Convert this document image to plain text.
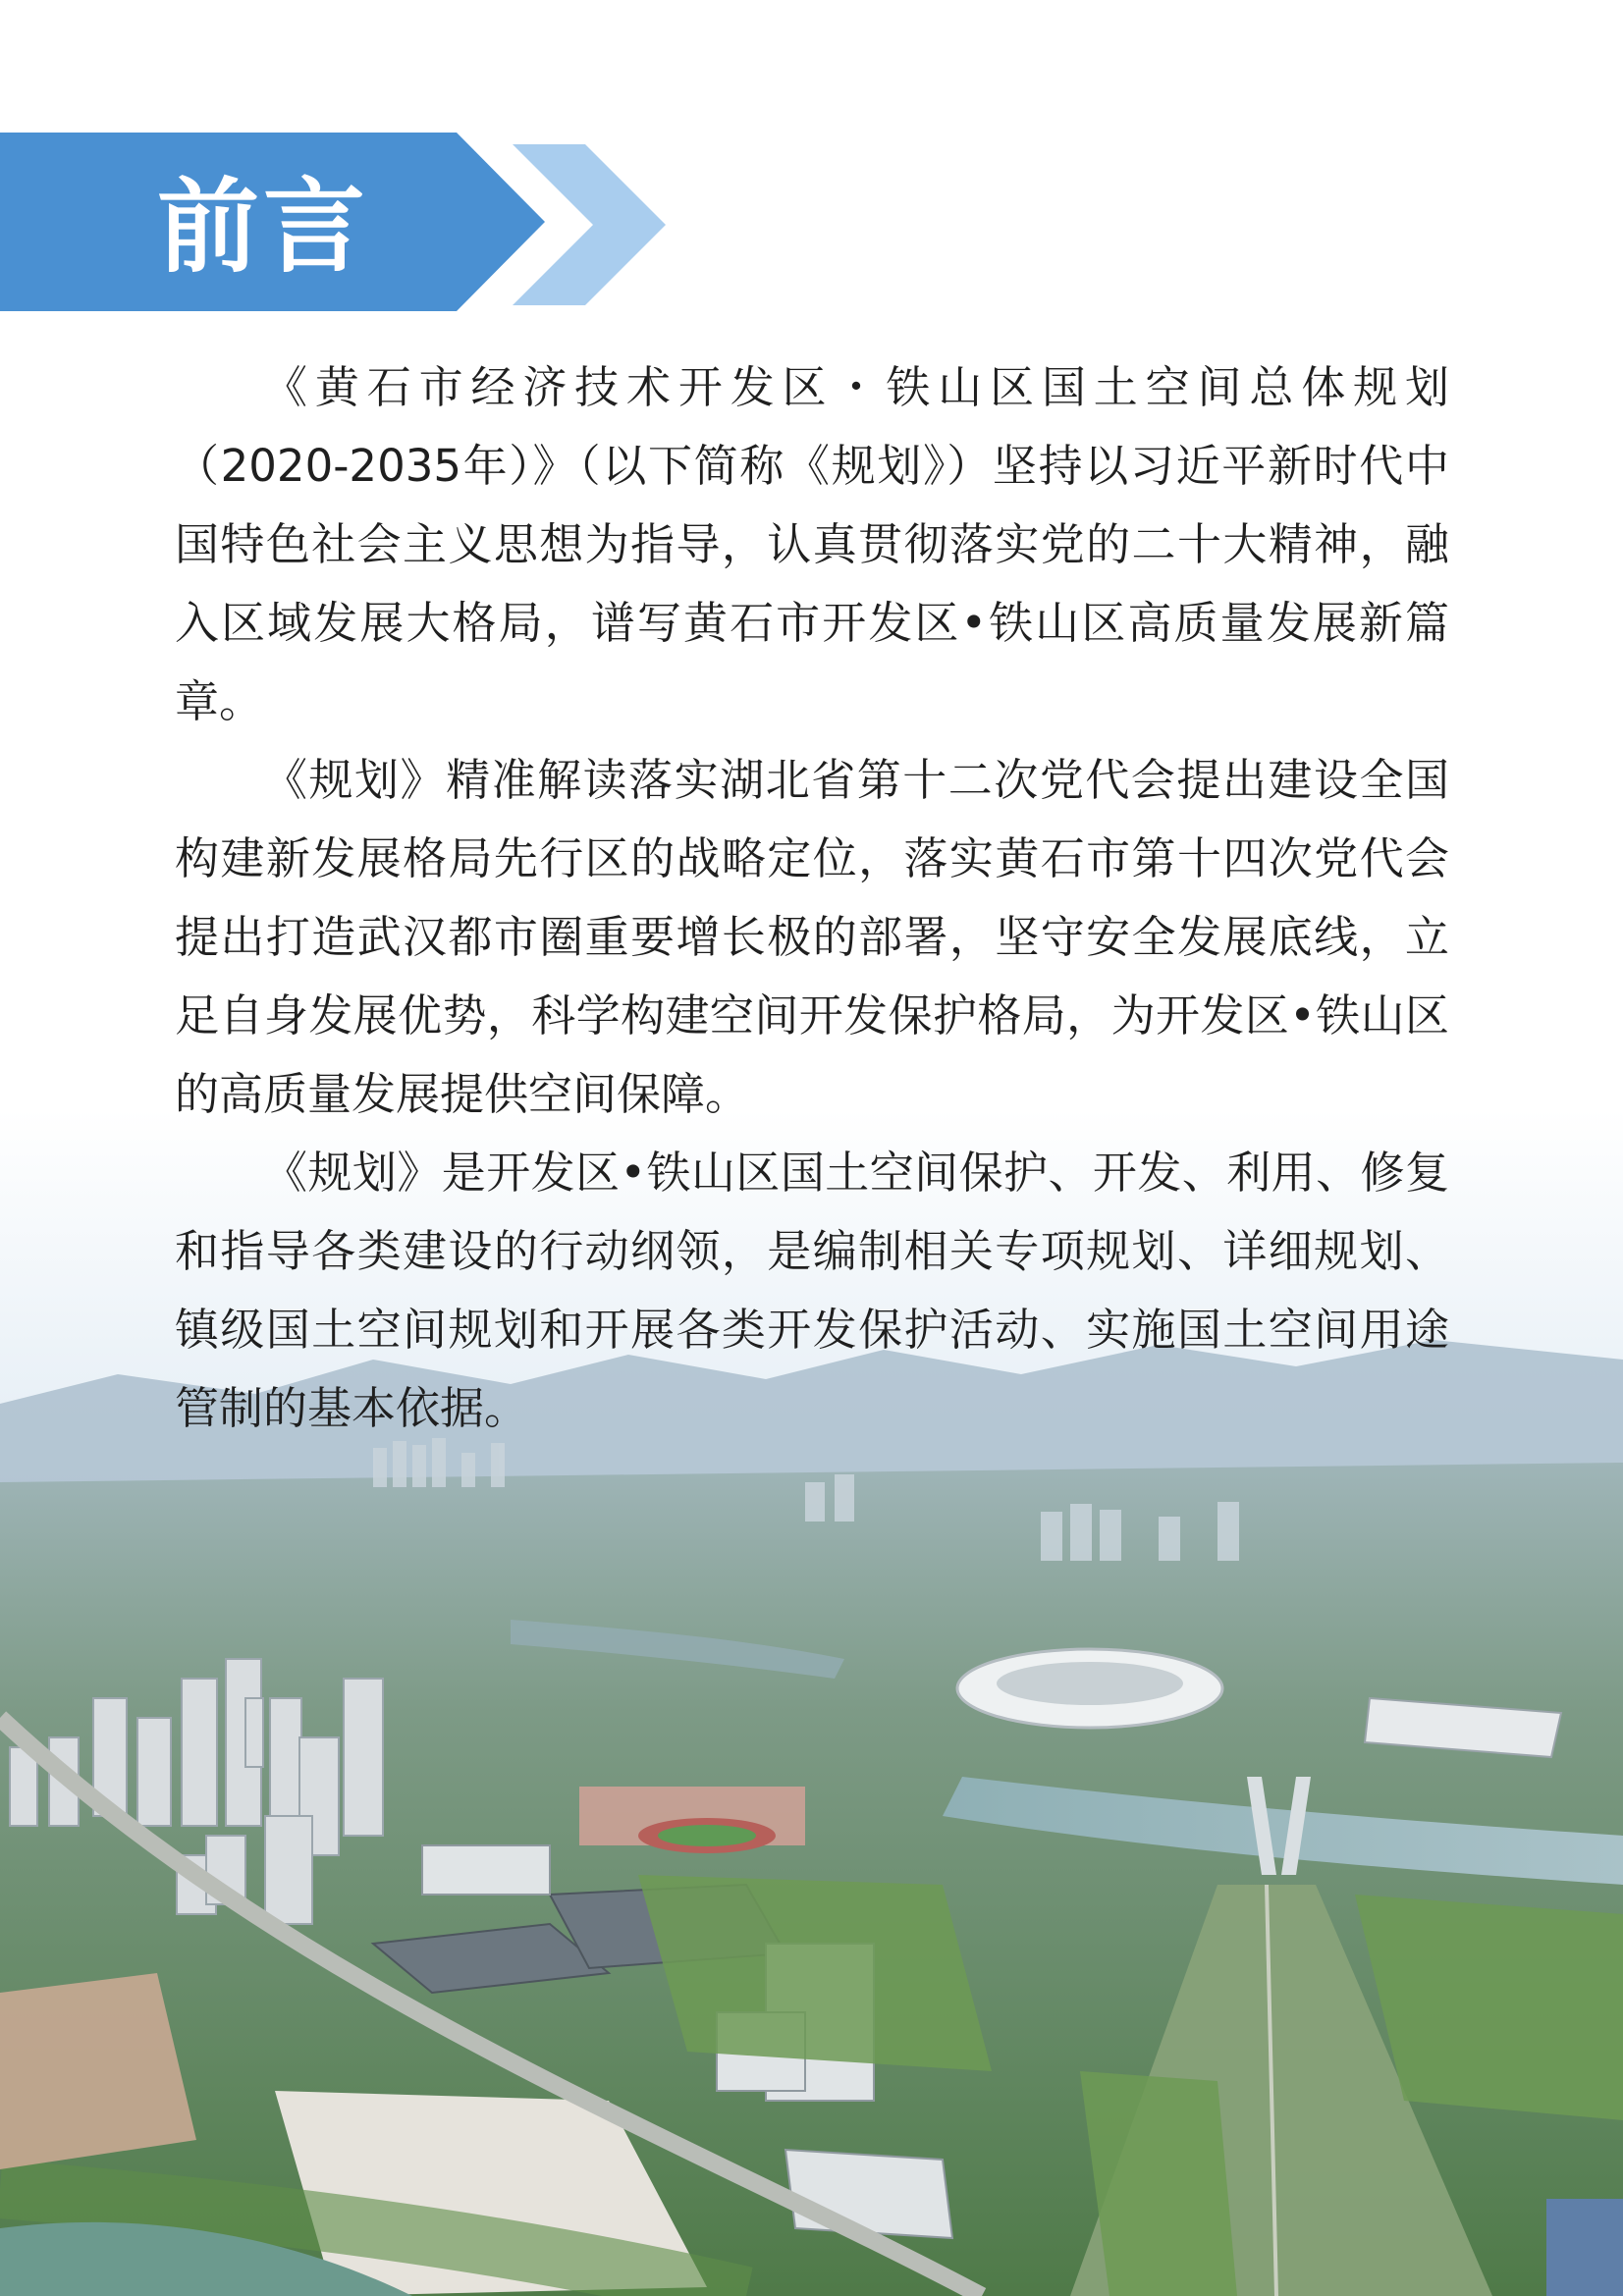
前言

《黄石市经济技术开发区・铁山区国土空间总体规划（2020-2035年）》（以下简称《规划》）坚持以习近平新时代中国特色社会主义思想为指导，认真贯彻落实党的二十大精神，融入区域发展大格局，谱写黄石市开发区•铁山区高质量发展新篇章。

《规划》精准解读落实湖北省第十二次党代会提出建设全国构建新发展格局先行区的战略定位，落实黄石市第十四次党代会提出打造武汉都市圈重要增长极的部署，坚守安全发展底线，立足自身发展优势，科学构建空间开发保护格局，为开发区•铁山区的高质量发展提供空间保障。

《规划》是开发区•铁山区国土空间保护、开发、利用、修复和指导各类建设的行动纲领，是编制相关专项规划、详细规划、镇级国土空间规划和开展各类开发保护活动、实施国土空间用途管制的基本依据。
